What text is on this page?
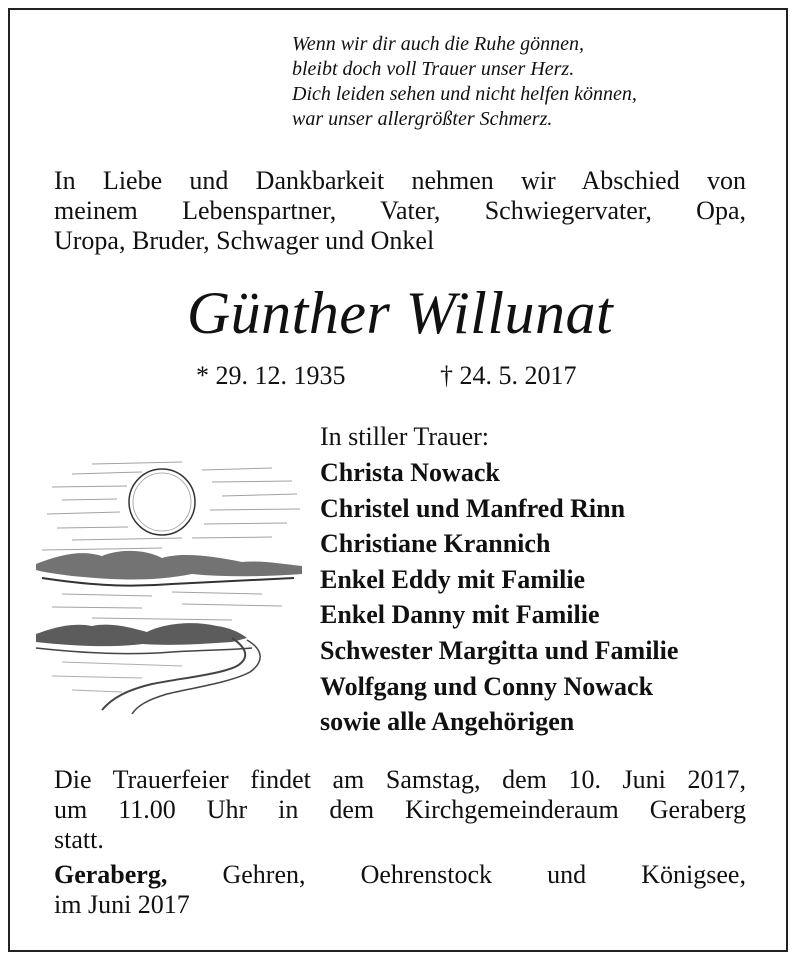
Wenn wir dir auch die Ruhe gönnen,
bleibt doch voll Trauer unser Herz.
Dich leiden sehen und nicht helfen können,
war unser allergrößter Schmerz.
In Liebe und Dankbarkeit nehmen wir Abschied von
meinem Lebenspartner, Vater, Schwiegervater, Opa,
Uropa, Bruder, Schwager und Onkel
Günther Willunat
* 29. 12. 1935	† 24. 5. 2017
In stiller Trauer:
Christa Nowack
Christel und Manfred Rinn
Christiane Krannich
Enkel Eddy mit Familie
Enkel Danny mit Familie
Schwester Margitta und Familie
Wolfgang und Conny Nowack
sowie alle Angehörigen
Die Trauerfeier findet am Samstag, dem 10. Juni 2017,
um 11.00 Uhr in dem Kirchgemeinderaum Geraberg
statt.
Geraberg, Gehren, Oehrenstock und Königsee,
im Juni 2017
